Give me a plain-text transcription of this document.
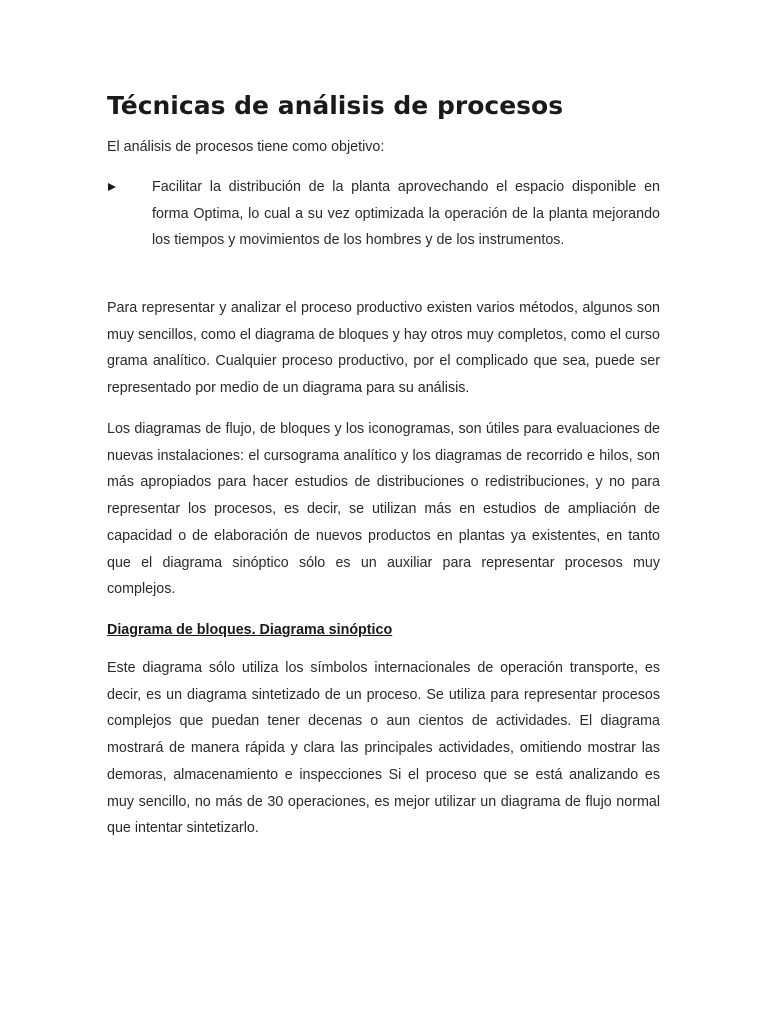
Técnicas de análisis de procesos

El análisis de procesos tiene como objetivo:

Facilitar la distribución de la planta aprovechando el espacio disponible en forma Optima, lo cual a su vez optimizada la operación de la planta mejorando los tiempos y movimientos de los hombres y de los instrumentos.

Para representar y analizar el proceso productivo existen varios métodos, algunos son muy sencillos, como el diagrama de bloques y hay otros muy completos, como el curso grama analítico. Cualquier proceso productivo, por el complicado que sea, puede ser representado por medio de un diagrama para su análisis.

Los diagramas de flujo, de bloques y los iconogramas, son útiles para evaluaciones de nuevas instalaciones: el cursograma analítico y los diagramas de recorrido e hilos, son más apropiados para hacer estudios de distribuciones o redistribuciones, y no para representar los procesos, es decir, se utilizan más en estudios de ampliación de capacidad o de elaboración de nuevos productos en plantas ya existentes, en tanto que el diagrama sinóptico sólo es un auxiliar para representar procesos muy complejos.

Diagrama de bloques. Diagrama sinóptico

Este diagrama sólo utiliza los símbolos internacionales de operación transporte, es decir, es un diagrama sintetizado de un proceso. Se utiliza para representar procesos complejos que puedan tener decenas o aun cientos de actividades. El diagrama mostrará de manera rápida y clara las principales actividades, omitiendo mostrar las demoras, almacenamiento e inspecciones Si el proceso que se está analizando es muy sencillo, no más de 30 operaciones, es mejor utilizar un diagrama de flujo normal que intentar sintetizarlo.
